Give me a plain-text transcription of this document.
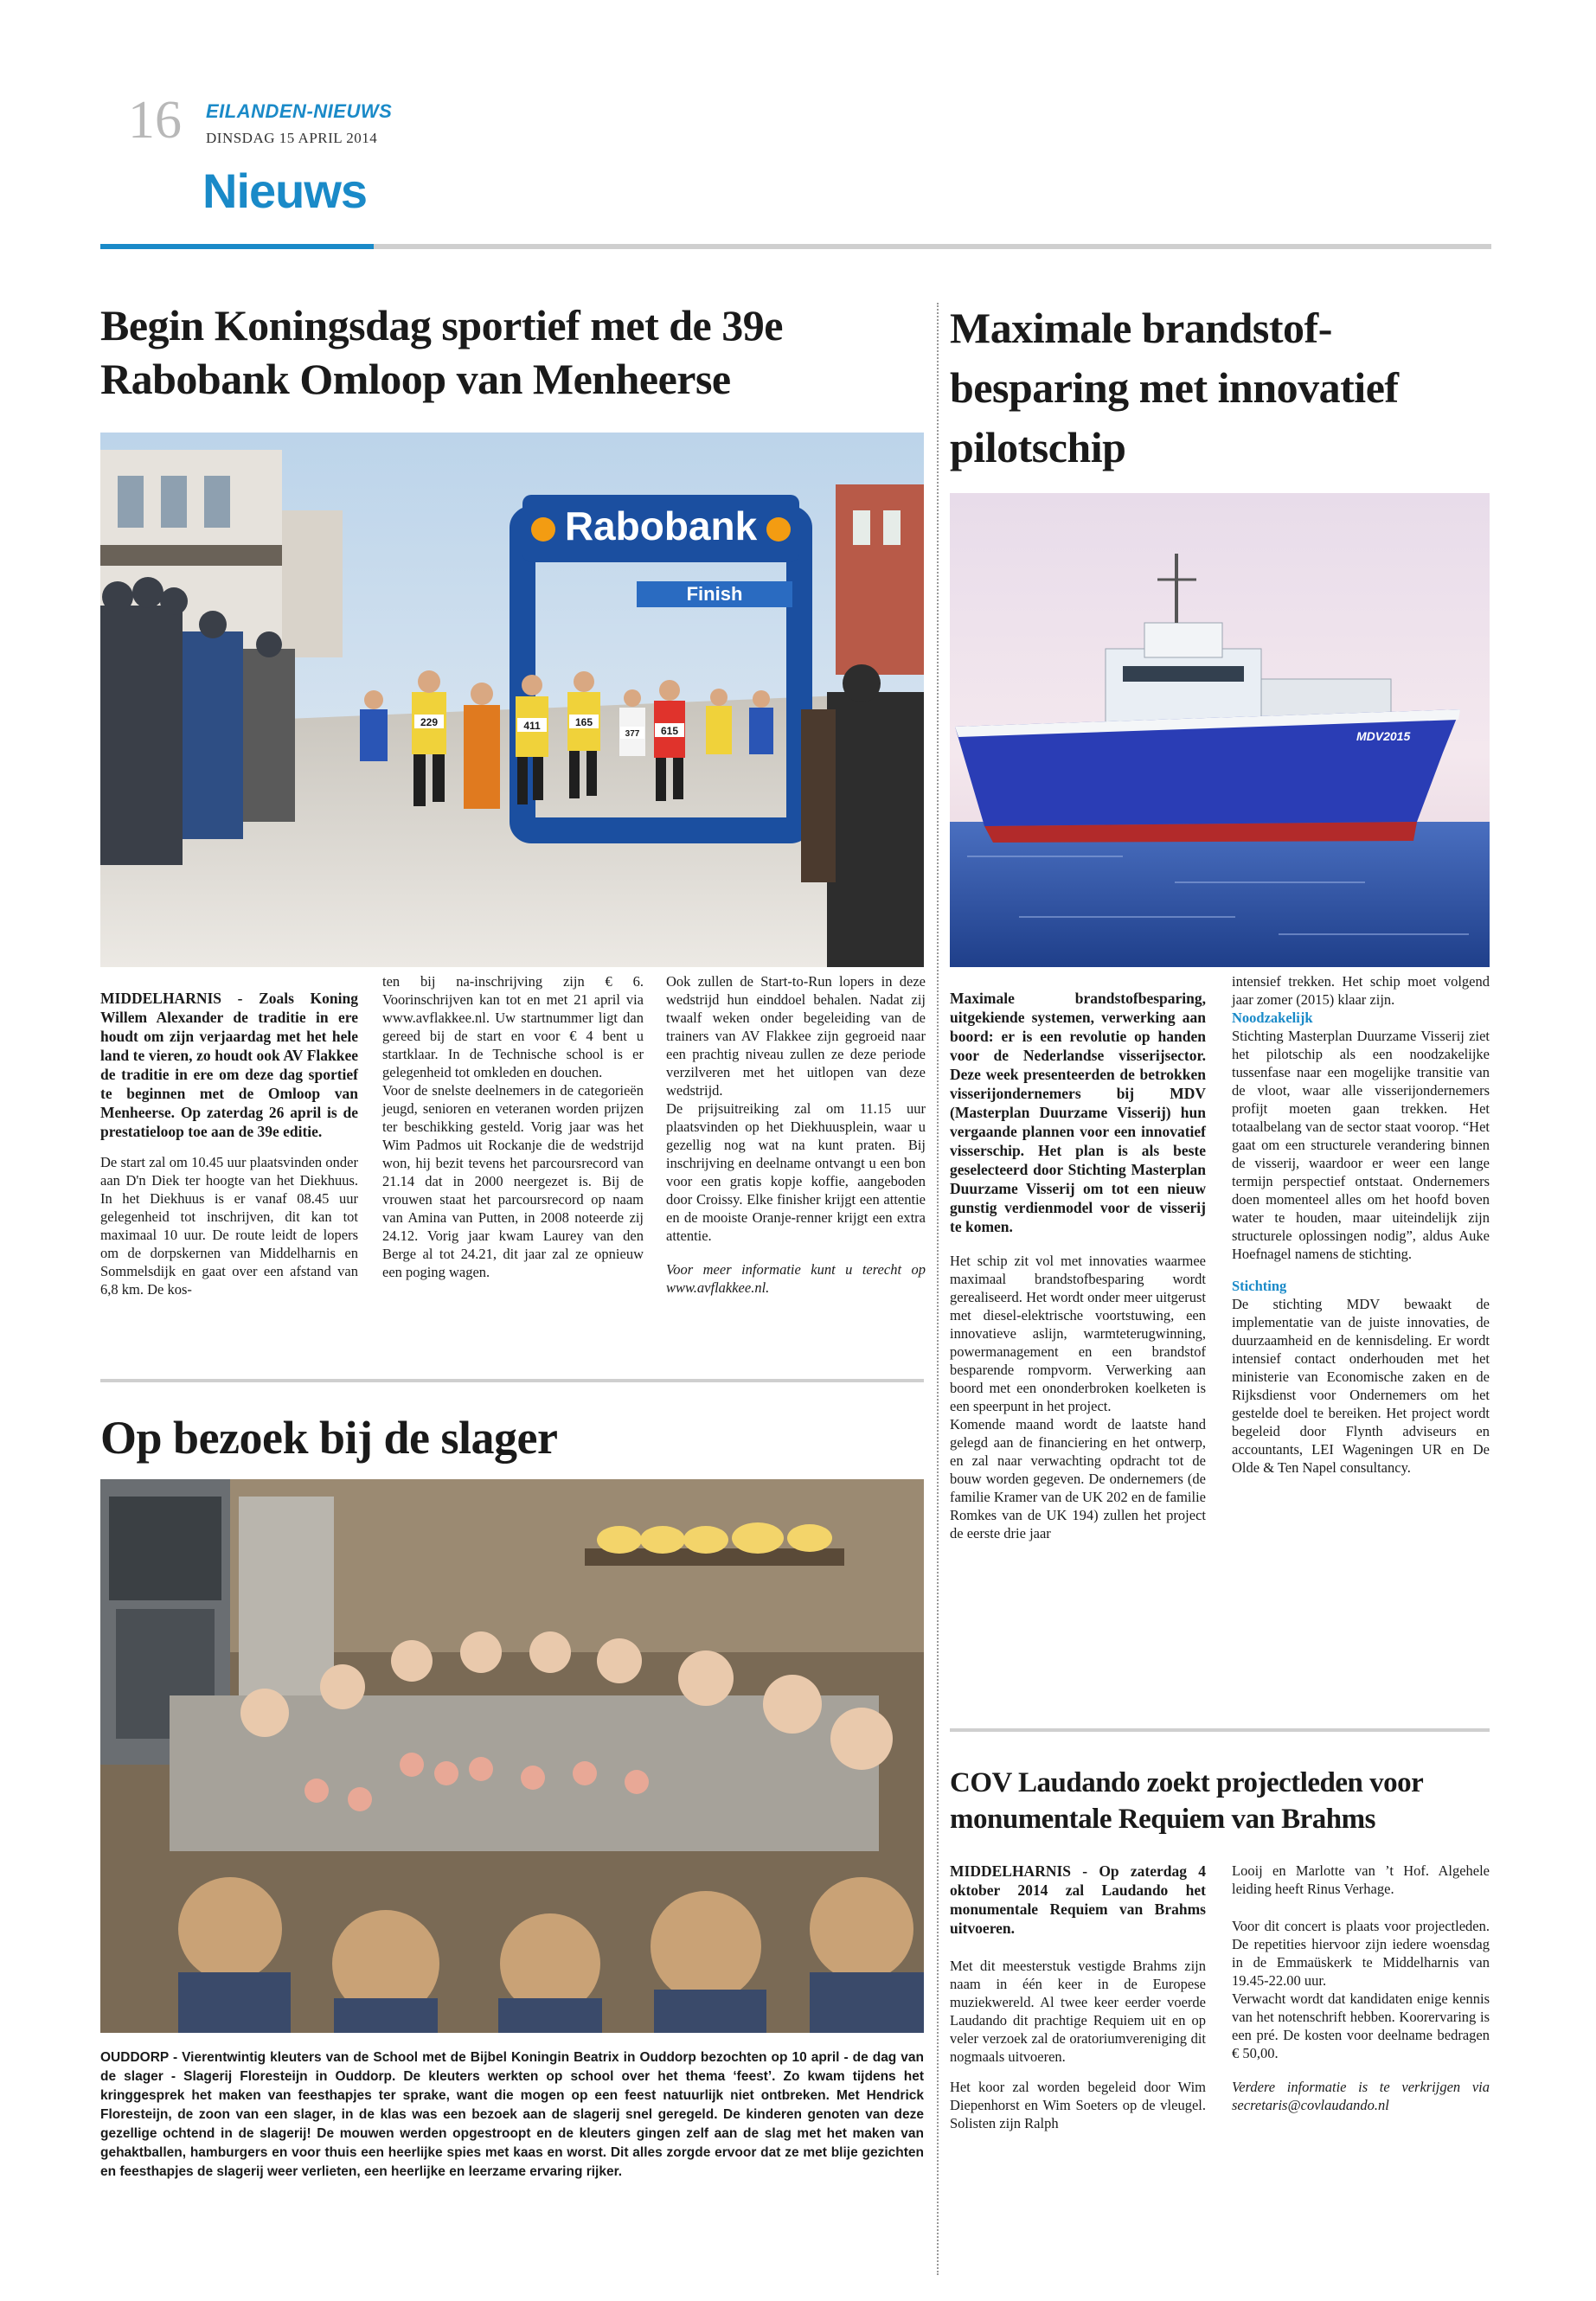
16 EILANDEN-NIEUWS
DINSDAG 15 APRIL 2014
Nieuws
Begin Koningsdag sportief met de 39e Rabobank Omloop van Menheerse
Rabobank
Finish
229	411	165
615
377

MIDDELHARNIS - Zoals Koning Willem Alexander de traditie in ere houdt om zijn verjaardag met het hele land te vieren, zo houdt ook AV Flakkee de traditie in ere om deze dag sportief te beginnen met de Omloop van Menheerse. Op zaterdag 26 april is de prestatieloop toe aan de 39e editie.

De start zal om 10.45 uur plaatsvinden onder aan D'n Diek ter hoogte van het Diekhuus. In het Diekhuus is er vanaf 08.45 uur gelegenheid tot inschrijven, dit kan tot maximaal 10 uur. De route leidt de lopers om de dorpskernen van Middelharnis en Sommelsdijk en gaat over een afstand van 6,8 km. De kos-

ten bij na-inschrijving zijn € 6. Voorinschrijven kan tot en met 21 april via www.avflakkee.nl. Uw startnummer ligt dan gereed bij de start en voor € 4 bent u startklaar. In de Technische school is er gelegenheid tot omkleden en douchen.

Voor de snelste deelnemers in de categorieën jeugd, senioren en veteranen worden prijzen ter beschikking gesteld. Vorig jaar was het Wim Padmos uit Rockanje die de wedstrijd won, hij bezit tevens het parcoursrecord van 21.14 dat in 2000 neergezet is. Bij de vrouwen staat het parcoursrecord op naam van Amina van Putten, in 2008 noteerde zij 24.12. Vorig jaar kwam Laurey van den Berge al tot 24.21, dit jaar zal ze opnieuw een poging wagen.

Ook zullen de Start-to-Run lopers in deze wedstrijd hun einddoel behalen. Nadat zij twaalf weken onder begeleiding van de trainers van AV Flakkee zijn gegroeid naar een prachtig niveau zullen ze deze periode verzilveren met het uitlopen van deze wedstrijd.

De prijsuitreiking zal om 11.15 uur plaatsvinden op het Diekhuusplein, waar u gezellig nog wat na kunt praten. Bij inschrijving en deelname ontvangt u een bon voor een gratis kopje koffie, aangeboden door Croissy. Elke finisher krijgt een attentie en de mooiste Oranje-renner krijgt een extra attentie.

Voor meer informatie kunt u terecht op www.avflakkee.nl.

Op bezoek bij de slager
OUDDORP - Vierentwintig kleuters van de School met de Bijbel Koningin Beatrix in Ouddorp bezochten op 10 april - de dag van de slager - Slagerij Floresteijn in Ouddorp. De kleuters werkten op school over het thema ‘feest’. Zo kwam tijdens het kringgesprek het maken van feesthapjes ter sprake, want die mogen op een feest natuurlijk niet ontbreken. Met Hendrick Floresteijn, de zoon van een slager, in de klas was een bezoek aan de slagerij snel geregeld. De kinderen genoten van deze gezellige ochtend in de slagerij! De mouwen werden opgestroopt en de kleuters gingen zelf aan de slag met het maken van gehaktballen, hamburgers en voor thuis een heerlijke spies met kaas en worst. Dit alles zorgde ervoor dat ze met blije gezichten en feesthapjes de slagerij weer verlieten, een heerlijke en leerzame ervaring rijker.
Maximale brandstof-besparing met innovatief pilotschip
MDV2015

Maximale brandstofbesparing, uitgekiende systemen, verwerking aan boord: er is een revolutie op handen voor de Nederlandse visserijsector. Deze week presenteerden de betrokken visserijondernemers bij MDV (Masterplan Duurzame Visserij) hun vergaande plannen voor een innovatief visserschip. Het plan is als beste geselecteerd door Stichting Masterplan Duurzame Visserij om tot een nieuw gunstig verdienmodel voor de visserij te komen.

Het schip zit vol met innovaties waarmee maximaal brandstofbesparing wordt gerealiseerd. Het wordt onder meer uitgerust met diesel-elektrische voortstuwing, een innovatieve aslijn, warmteterugwinning, powermanagement en een brandstof besparende rompvorm. Verwerking aan boord met een ononderbroken koelketen is een speerpunt in het project.

Komende maand wordt de laatste hand gelegd aan de financiering en het ontwerp, en zal naar verwachting opdracht tot de bouw worden gegeven. De ondernemers (de familie Kramer van de UK 202 en de familie Romkes van de UK 194) zullen het project de eerste drie jaar

intensief trekken. Het schip moet volgend jaar zomer (2015) klaar zijn.

Noodzakelijk

Stichting Masterplan Duurzame Visserij ziet het pilotschip als een noodzakelijke tussenfase naar een mogelijke transitie van de vloot, waar alle visserijondernemers profijt moeten gaan trekken. Het totaalbelang van de sector staat voorop. “Het gaat om een structurele verandering binnen de visserij, waardoor er weer een lange termijn perspectief ontstaat. Ondernemers doen momenteel alles om het hoofd boven water te houden, maar uiteindelijk zijn structurele oplossingen nodig”, aldus Auke Hoefnagel namens de stichting.

Stichting

De stichting MDV bewaakt de implementatie van de juiste innovaties, de duurzaamheid en de kennisdeling. Er wordt intensief contact onderhouden met het ministerie van Economische zaken en de Rijksdienst voor Ondernemers om het gestelde doel te bereiken. Het project wordt begeleid door Flynth adviseurs en accountants, LEI Wageningen UR en De Olde & Ten Napel consultancy.

COV Laudando zoekt projectleden voor monumentale Requiem van Brahms

MIDDELHARNIS - Op zaterdag 4 oktober 2014 zal Laudando het monumentale Requiem van Brahms uitvoeren.

Met dit meesterstuk vestigde Brahms zijn naam in één keer in de Europese muziekwereld. Al twee keer eerder voerde Laudando dit prachtige Requiem uit en op veler verzoek zal de oratoriumvereniging dit nogmaals uitvoeren.

Het koor zal worden begeleid door Wim Diepenhorst en Wim Soeters op de vleugel. Solisten zijn Ralph

Looij en Marlotte van ’t Hof. Algehele leiding heeft Rinus Verhage.

Voor dit concert is plaats voor projectleden. De repetities hiervoor zijn iedere woensdag in de Emmaüskerk te Middelharnis van 19.45-22.00 uur.

Verwacht wordt dat kandidaten enige kennis van het notenschrift hebben. Koorervaring is een pré. De kosten voor deelname bedragen € 50,00.

Verdere informatie is te verkrijgen via secretaris@covlaudando.nl
